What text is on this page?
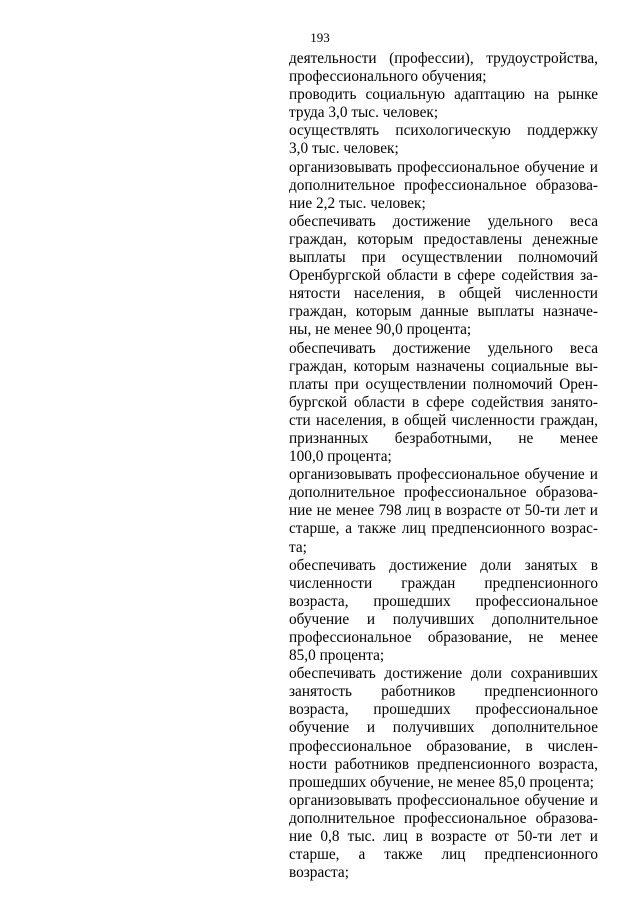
193
деятельности (профессии), трудоустройства,
профессионального обучения;
проводить социальную адаптацию на рынке
труда 3,0 тыс. человек;
осуществлять психологическую поддержку
3,0 тыс. человек;
организовывать профессиональное обучение и
дополнительное профессиональное образова-
ние 2,2 тыс. человек;
обеспечивать достижение удельного веса
граждан, которым предоставлены денежные
выплаты при осуществлении полномочий
Оренбургской области в сфере содействия за-
нятости населения, в общей численности
граждан, которым данные выплаты назначе-
ны, не менее 90,0 процента;
обеспечивать достижение удельного веса
граждан, которым назначены социальные вы-
платы при осуществлении полномочий Орен-
бургской области в сфере содействия занято-
сти населения, в общей численности граждан,
признанных безработными, не менее
100,0 процента;
организовывать профессиональное обучение и
дополнительное профессиональное образова-
ние не менее 798 лиц в возрасте от 50-ти лет и
старше, а также лиц предпенсионного возрас-
та;
обеспечивать достижение доли занятых в
численности граждан предпенсионного
возраста, прошедших профессиональное
обучение и получивших дополнительное
профессиональное образование, не менее
85,0 процента;
обеспечивать достижение доли сохранивших
занятость работников предпенсионного
возраста, прошедших профессиональное
обучение и получивших дополнительное
профессиональное образование, в числен-
ности работников предпенсионного возраста,
прошедших обучение, не менее 85,0 процента;
организовывать профессиональное обучение и
дополнительное профессиональное образова-
ние 0,8 тыс. лиц в возрасте от 50-ти лет и
старше, а также лиц предпенсионного
возраста;
